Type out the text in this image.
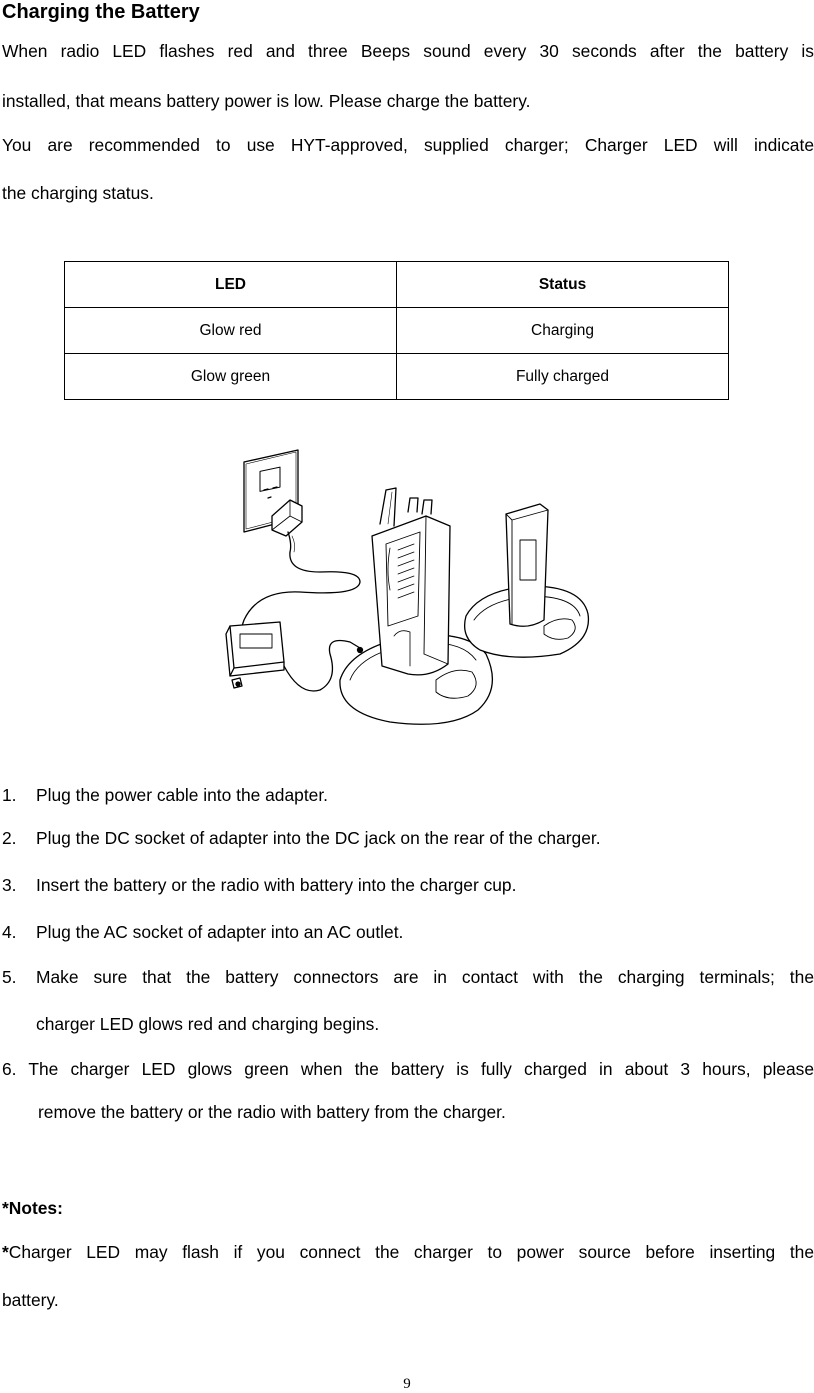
Charging the Battery
When radio LED flashes red and three Beeps sound every 30 seconds after the battery is
installed, that means battery power is low. Please charge the battery.
You are recommended to use HYT-approved, supplied charger; Charger LED will indicate
the charging status.
LED	Status
Glow red	Charging
Glow green	Fully charged
1. Plug the power cable into the adapter.
2. Plug the DC socket of adapter into the DC jack on the rear of the charger.
3. Insert the battery or the radio with battery into the charger cup.
4. Plug the AC socket of adapter into an AC outlet.
5. Make sure that the battery connectors are in contact with the charging terminals; the
charger LED glows red and charging begins.
6. The charger LED glows green when the battery is fully charged in about 3 hours, please
remove the battery or the radio with battery from the charger.
*Notes:
*Charger LED may flash if you connect the charger to power source before inserting the
battery.
9
